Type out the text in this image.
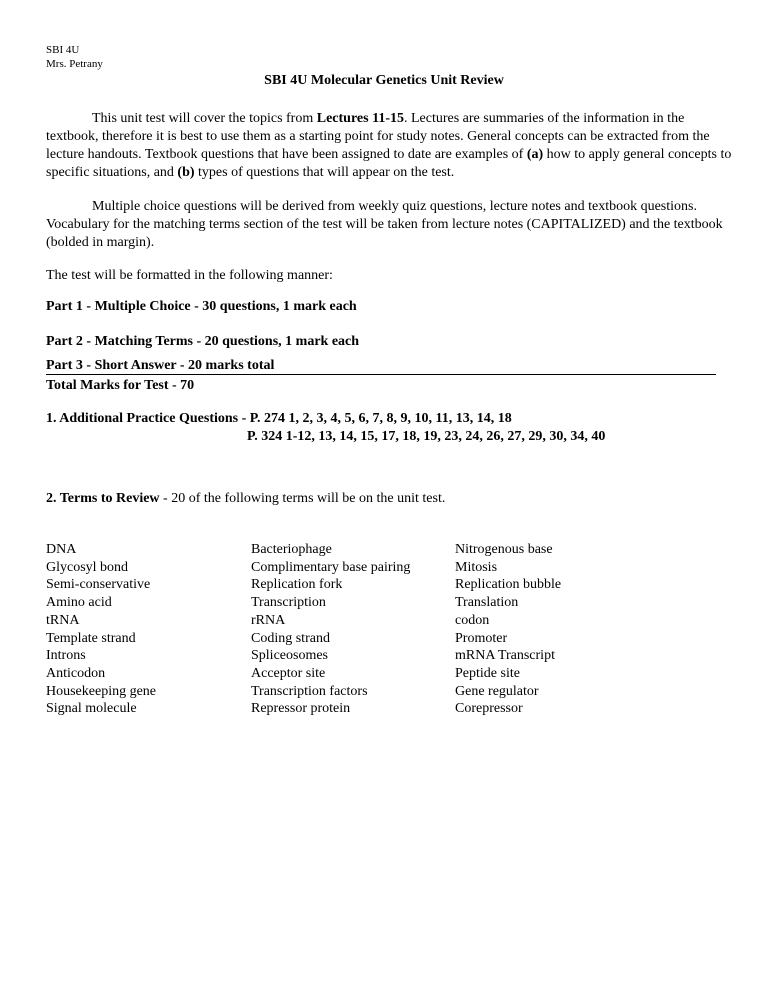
SBI 4U
Mrs. Petrany
SBI 4U Molecular Genetics Unit Review
This unit test will cover the topics from Lectures 11-15. Lectures are summaries of the information in the textbook, therefore it is best to use them as a starting point for study notes. General concepts can be extracted from the lecture handouts. Textbook questions that have been assigned to date are examples of (a) how to apply general concepts to specific situations, and (b) types of questions that will appear on the test.
Multiple choice questions will be derived from weekly quiz questions, lecture notes and textbook questions. Vocabulary for the matching terms section of the test will be taken from lecture notes (CAPITALIZED) and the textbook (bolded in margin).
The test will be formatted in the following manner:
Part 1 - Multiple Choice - 30 questions, 1 mark each
Part 2 - Matching Terms - 20 questions, 1 mark each
Part 3 - Short Answer - 20 marks total
Total Marks for Test - 70
1. Additional Practice Questions - P. 274 1, 2, 3, 4, 5, 6, 7, 8, 9, 10, 11, 13, 14, 18
P. 324 1-12, 13, 14, 15, 17, 18, 19, 23, 24, 26, 27, 29, 30, 34, 40
2. Terms to Review - 20 of the following terms will be on the unit test.
DNA
Glycosyl bond
Semi-conservative
Amino acid
tRNA
Template strand
Introns
Anticodon
Housekeeping gene
Signal molecule
Bacteriophage
Complimentary base pairing
Replication fork
Transcription
rRNA
Coding strand
Spliceosomes
Acceptor site
Transcription factors
Repressor protein
Nitrogenous base
Mitosis
Replication bubble
Translation
codon
Promoter
mRNA Transcript
Peptide site
Gene regulator
Corepressor
